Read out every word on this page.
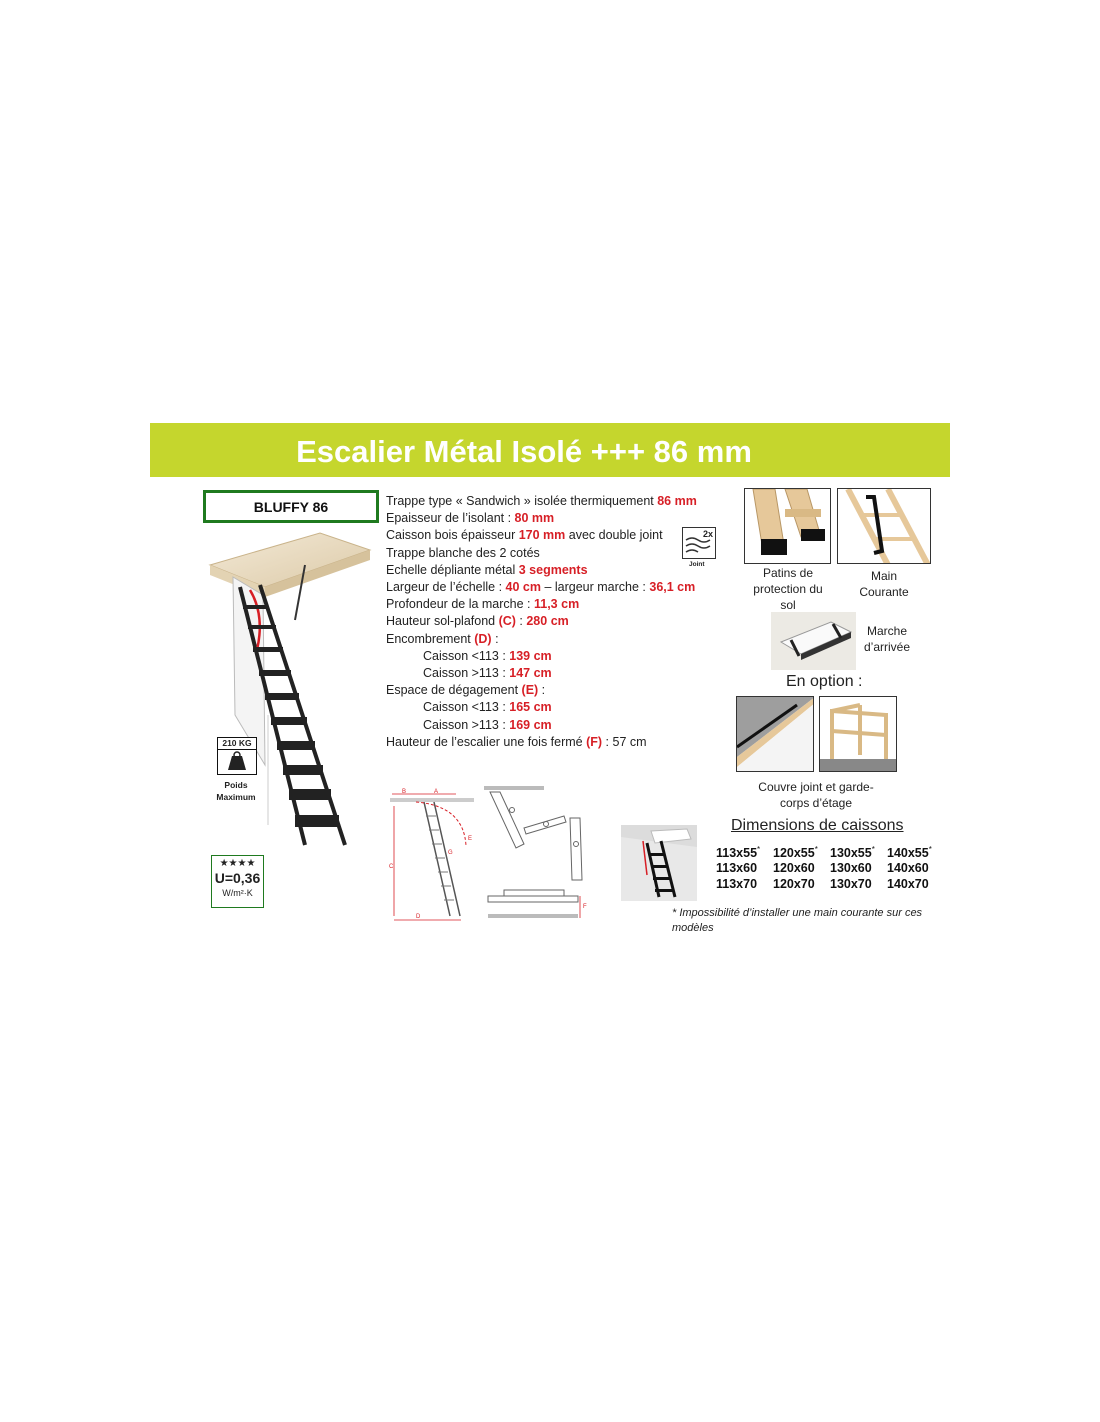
Escalier Métal Isolé +++ 86 mm
BLUFFY 86
210 KG
Poids Maximum
★★★★
U=0,36
W/m²·K
Trappe type « Sandwich » isolée thermiquement 86 mm
Epaisseur de l’isolant : 80 mm
Caisson bois épaisseur 170 mm avec double joint
Trappe blanche des 2 cotés
Echelle dépliante métal 3 segments
Largeur de l’échelle : 40 cm – largeur marche : 36,1 cm
Profondeur de la marche : 11,3 cm
Hauteur sol-plafond (C) : 280 cm
Encombrement (D) :
Caisson <113 : 139 cm
Caisson >113 : 147 cm
Espace de dégagement (E) :
Caisson <113 : 165 cm
Caisson >113 : 169 cm
Hauteur de l’escalier une fois fermé (F) : 57 cm
2x
Joint
Patins de protection du sol
Main Courante
Marche d’arrivée
En option :
Couvre joint et garde-corps d’étage
B	A
C
D
E
G
F
Dimensions de caissons
113x55*	120x55* 130x55* 140x55*
113x60	120x60	130x60	140x60
113x70	120x70	130x70	140x70
* Impossibilité d’installer une main courante sur ces modèles
